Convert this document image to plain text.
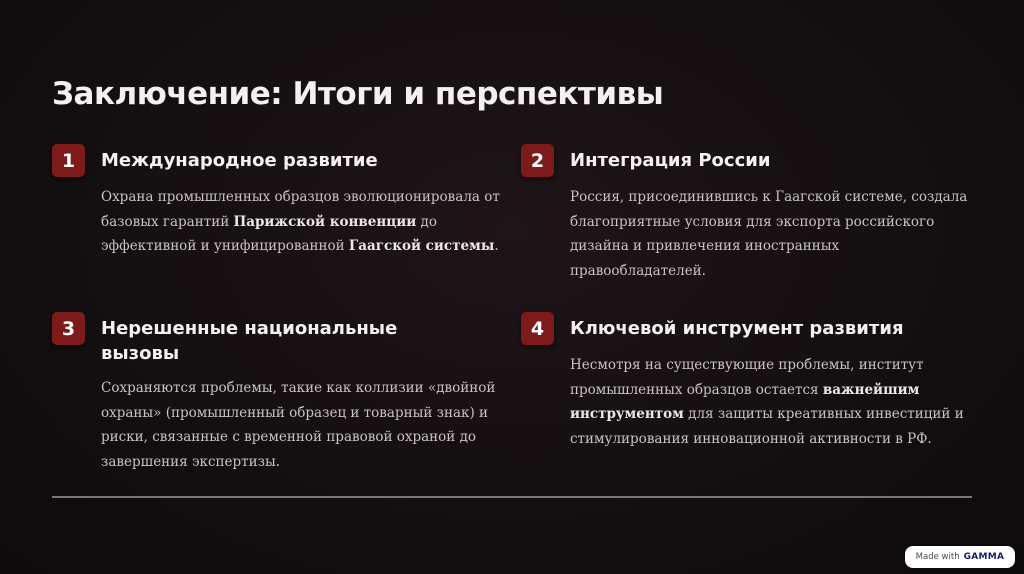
Заключение: Итоги и перспективы
1	Международное развитие
Охрана промышленных образцов эволюционировала от базовых гарантий Парижской конвенции до эффективной и унифицированной Гаагской системы.
2	Интеграция России
Россия, присоединившись к Гаагской системе, создала благоприятные условия для экспорта российского дизайна и привлечения иностранных правообладателей.
3	Нерешенные национальные вызовы
Сохраняются проблемы, такие как коллизии «двойной охраны» (промышленный образец и товарный знак) и риски, связанные с временной правовой охраной до завершения экспертизы.
4	Ключевой инструмент развития
Несмотря на существующие проблемы, институт промышленных образцов остается важнейшим инструментом для защиты креативных инвестиций и стимулирования инновационной активности в РФ.
Made with GAMMA
